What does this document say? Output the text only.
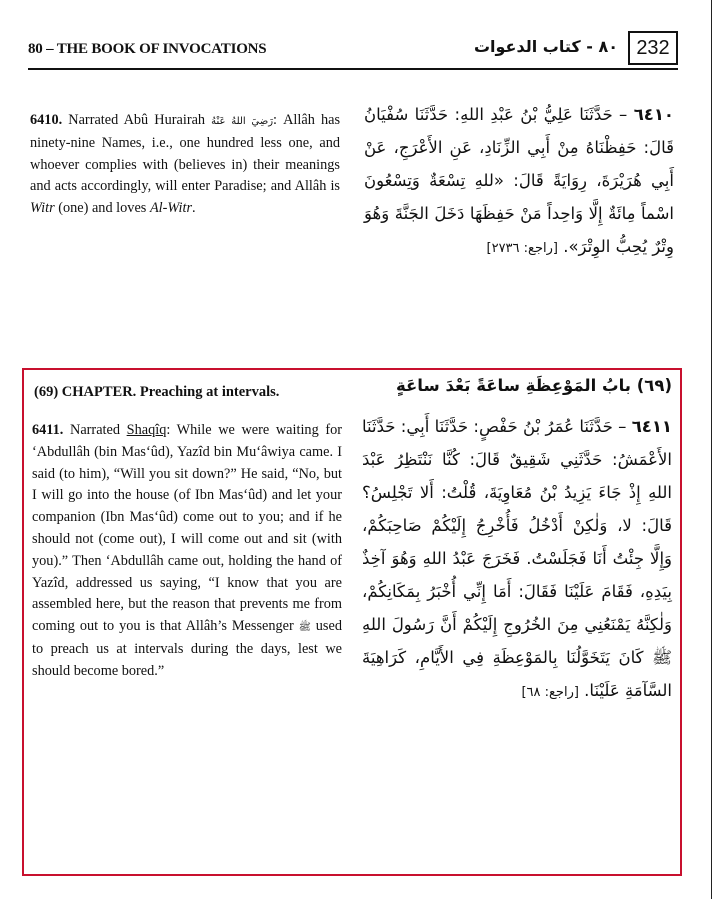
80 – THE BOOK OF INVOCATIONS	٨٠ - كتاب الدعوات 232

6410. Narrated Abû Hurairah رَضِيَ اللهُ عَنْهُ: Allâh has ninety-nine Names, i.e., one hundred less one, and whoever complies with (believes in) their meanings and acts accordingly, will enter Paradise; and Allâh is Witr (one) and loves Al-Witr.

٦٤١٠ – حَدَّثَنَا عَلِيُّ بْنُ عَبْدِ اللهِ: حَدَّثَنَا سُفْيَانُ قَالَ: حَفِظْنَاهُ مِنْ أَبِي الزِّنَادِ، عَنِ الأَعْرَجِ، عَنْ أَبِي هُرَيْرَةَ، رِوَايَةً قَالَ: «للهِ تِسْعَةٌ وَتِسْعُونَ اسْماً مِائَةٌ إِلَّا وَاحِداً مَنْ حَفِظَهَا دَخَلَ الجَنَّةَ وَهُوَ وِتْرٌ يُحِبُّ الوِتْرَ». [راجع: ٢٧٣٦]

(69) CHAPTER. Preaching at intervals.	(٦٩) بابُ المَوْعِظَةِ ساعَةً بَعْدَ ساعَةٍ

6411. Narrated Shaqîq: While we were waiting for ‘Abdullâh (bin Mas‘ûd), Yazîd bin Mu‘âwiya came. I said (to him), “Will you sit down?” He said, “No, but I will go into the house (of Ibn Mas‘ûd) and let your companion (Ibn Mas‘ûd) come out to you; and if he should not (come out), I will come out and sit (with you).” Then ‘Abdullâh came out, holding the hand of Yazîd, addressed us saying, “I know that you are assembled here, but the reason that prevents me from coming out to you is that Allâh’s Messenger ﷺ used to preach us at intervals during the days, lest we should become bored.”

٦٤١١ – حَدَّثَنَا عُمَرُ بْنُ حَفْصٍ: حَدَّثَنَا أَبِي: حَدَّثَنَا الأَعْمَشُ: حَدَّثَنِي شَقِيقٌ قَالَ: كُنَّا نَنْتَظِرُ عَبْدَ اللهِ إِذْ جَاءَ يَزِيدُ بْنُ مُعَاوِيَةَ، قُلْتُ: أَلا تَجْلِسُ؟ قَالَ: لا، وَلٰكِنْ أَدْخُلُ فَأُخْرِجُ إِلَيْكُمْ صَاحِبَكُمْ، وَإِلَّا جِئْتُ أَنَا فَجَلَسْتُ. فَخَرَجَ عَبْدُ اللهِ وَهُوَ آخِذٌ بِيَدِهِ، فَقَامَ عَلَيْنَا فَقَالَ: أَمَا إِنِّي أُخْبَرُ بِمَكَانِكُمْ، وَلٰكِنَّهُ يَمْنَعُنِي مِنَ الخُرُوجِ إِلَيْكُمْ أَنَّ رَسُولَ اللهِ ﷺ كَانَ يَتَخَوَّلُنَا بِالمَوْعِظَةِ فِي الأَيَّامِ، كَرَاهِيَةَ السَّآمَةِ عَلَيْنَا. [راجع: ٦٨]
